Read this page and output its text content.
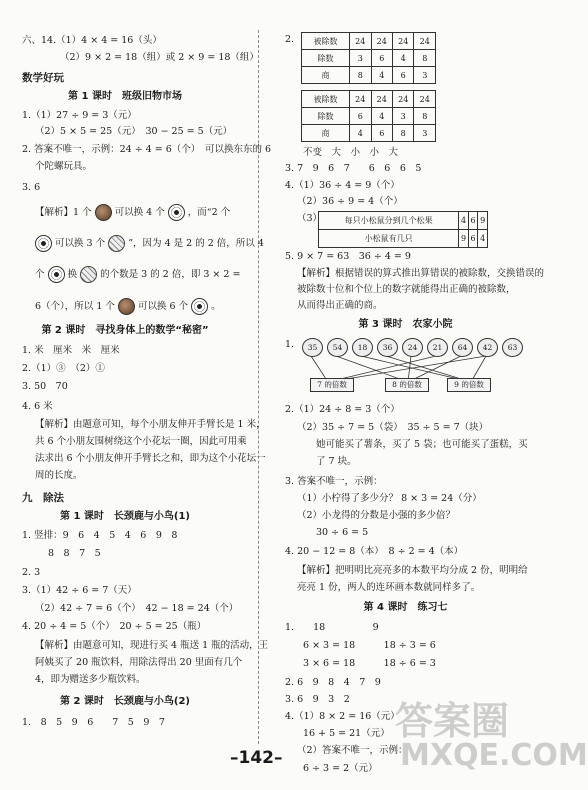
六、14.（1）4 × 4 = 16（头）
（2）9 × 2 = 18（组）或 2 × 9 = 18（组）
数学好玩
第 1 课时　班级旧物市场
1.（1）27 ÷ 9 = 3（元）
（2）5 × 5 = 25（元）　30 − 25 = 5（元）
2. 答案不唯一，示例：24 ÷ 4 = 6（个）　可以换东东的 6
个陀螺玩具。
3. 6
【解析】1 个 可以换 4 个 ，而“2 个
可以换 3 个 ”，因为 4 是 2 的 2 倍，所以 4
个 换 的个数是 3 的 2 倍，即 3 × 2 =
6（个），所以 1 个 可以换 6 个 。
第 2 课时　寻找身体上的数学“秘密”
1. 米　厘米　米　厘米
2.（1）③　（2）①
3. 50　70
4. 6 米
【解析】由题意可知，每个小朋友伸开手臂长是 1 米，
共 6 个小朋友围树绕这个小花坛一圈，因此可用乘
法求出 6 个小朋友伸开手臂长之和，即为这个小花坛一
周的长度。
九　除法
第 1 课时　长颈鹿与小鸟(1)
1. 竖排：9　6　4　5　4　6　9　8
8　8　7　5
2. 3
3.（1）42 ÷ 6 = 7（天）
（2）42 ÷ 7 = 6（个）　42 − 18 = 24（个）
4. 20 ÷ 4 = 5（个）　20 ÷ 5 = 25（瓶）
【解析】由题意可知，现进行买 4 瓶送 1 瓶的活动，王
阿姨买了 20 瓶饮料，用除法得出 20 里面有几个
4，即为赠送多少瓶饮料。
第 2 课时　长颈鹿与小鸟(2)
1.　8　5　9　6　　7　5　9　7
2. 被除数	24	24	24	24
除数	3	6	4	8
商	8	4	6	3
被除数	24	24	24	24
除数	6	4	3	8
商	4	6	8	3
不变　大　小　小　大
3. 7　9　6　7　　6　6　6　5
4.（1）36 ÷ 4 = 9（个）
（2）36 ÷ 9 = 4（个）
（3）	每只小松鼠分到几个松果	4	6	9
小松鼠有几只	9	6	4
5. 9 × 7 = 63　36 ÷ 4 = 9
【解析】根据错误的算式推出算错误的被除数，交换错误的
被除数十位和个位上的数字就能得出正确的被除数，
从而得出正确的商。
第 3 课时　农家小院
1.	35	54	18	36	24	21	64	42	63
7 的倍数	8 的倍数	9 的倍数
2.（1）24 ÷ 8 = 3（个）
（2）35 ÷ 7 = 5（袋）　35 ÷ 5 = 7（块）
她可能买了薯条，买了 5 袋；也可能买了蛋糕，买
了 7 块。
3. 答案不唯一，示例：
（1）小柠得了多少分？ 8 × 3 = 24（分）
（2）小龙得的分数是小强的多少倍？
30 ÷ 6 = 5
4. 20 − 12 = 8（本）　8 ÷ 2 = 4（本）
【解析】把明明比亮亮多的本数平均分成 2 份，明明给
亮亮 1 份，两人的连环画本数就同样多了。
第 4 课时　练习七
1.　　18　　　　　9
6 × 3 = 18　　　18 ÷ 3 = 6
3 × 6 = 18　　　18 ÷ 6 = 3
2. 6　9　8　4　7　9
3. 6　9　3　2
4.（1）8 × 2 = 16（元）
16 + 5 = 21（元）
（2）答案不唯一，示例：
6 ÷ 3 = 2（元）
–142–
答案圈
MXQE.COM
